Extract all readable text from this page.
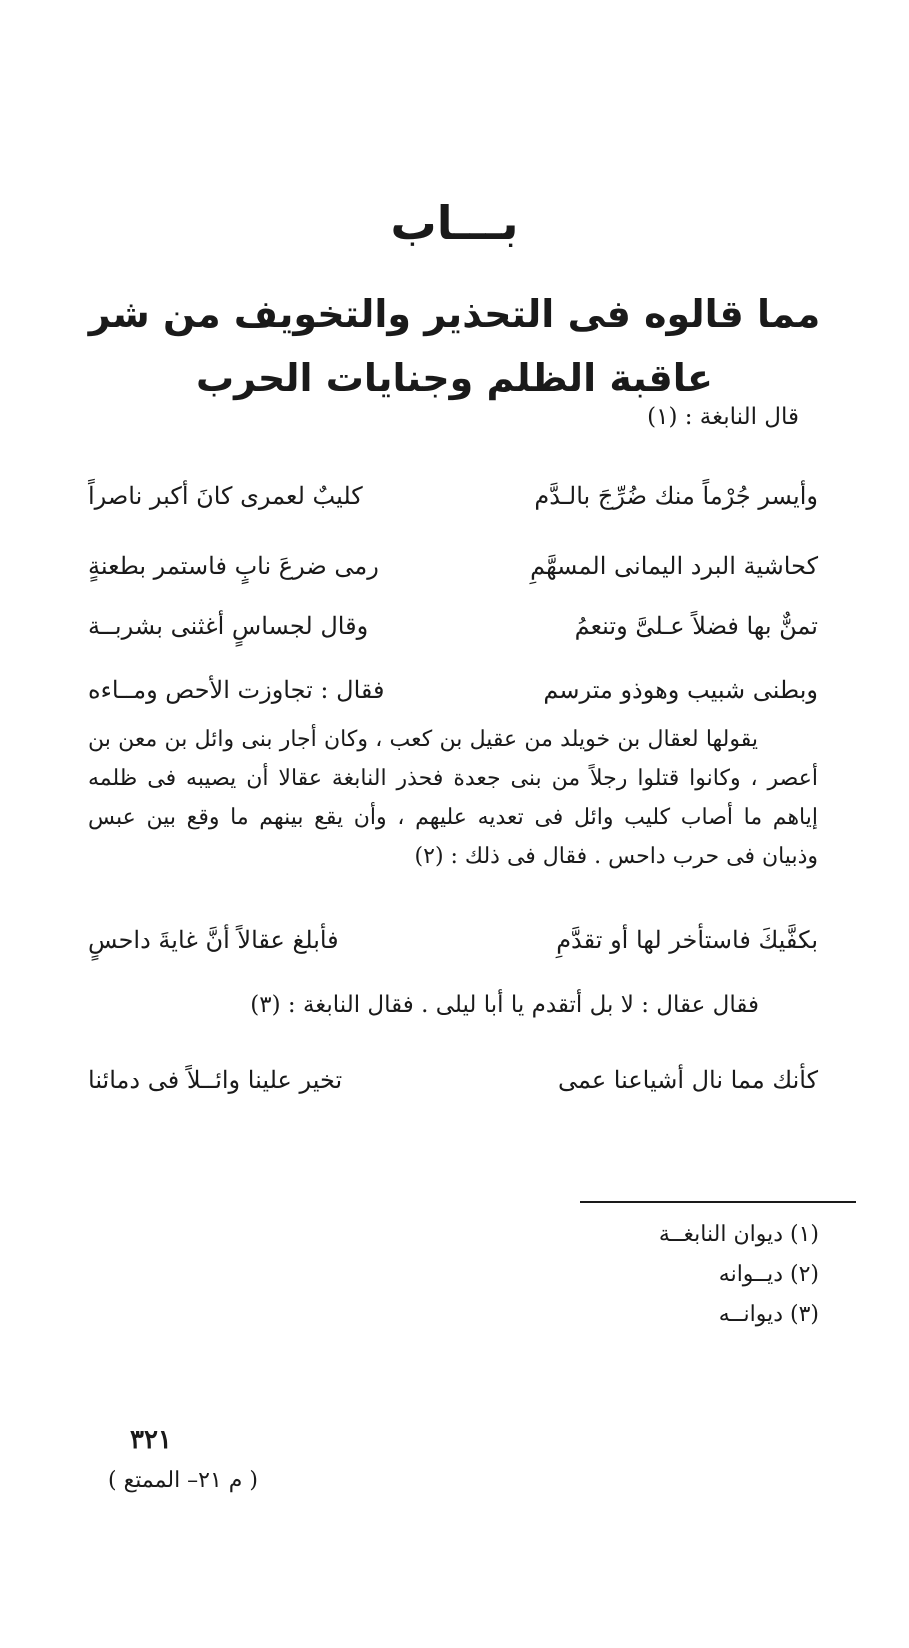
بـــاب
مما قالوه فى التحذير والتخويف من شر
عاقبة الظلم وجنايات الحرب
قال النابغة : (١)
كليبٌ لعمرى كانَ أكبر ناصراً	وأيسر جُرْماً منك ضُرِّجَ بالـدَّم
رمى ضرعَ نابٍ فاستمر بطعنةٍ	كحاشية البرد اليمانى المسهَّمِ
وقال لجساسٍ أغثنى بشربــة	تمنٌّ بها فضلاً عـلىَّ وتنعمُ
فقال : تجاوزت الأحص ومــاءه	وبطنى شبيب وهوذو مترسم
يقولها لعقال بن خويلد من عقيل بن كعب ، وكان أجار بنى وائل بن معن بن أعصر ، وكانوا قتلوا رجلاً من بنى جعدة فحذر النابغة عقالا أن يصيبه فى ظلمه إياهم ما أصاب كليب وائل فى تعديه عليهم ، وأن يقع بينهم ما وقع بين عبس وذبيان فى حرب داحس . فقال فى ذلك : (٢)
فأبلغ عقالاً أنَّ غايةَ داحسٍ	بكفَّيكَ فاستأخر لها أو تقدَّمِ
فقال عقال : لا بل أتقدم يا أبا ليلى . فقال النابغة : (٣)
تخير علينا وائــلاً فى دمائنا	كأنك مما نال أشياعنا عمى
(١) ديوان النابغــة
(٢) ديــوانه
(٣) ديوانــه
٣٢١
( م ٢١– الممتع )
